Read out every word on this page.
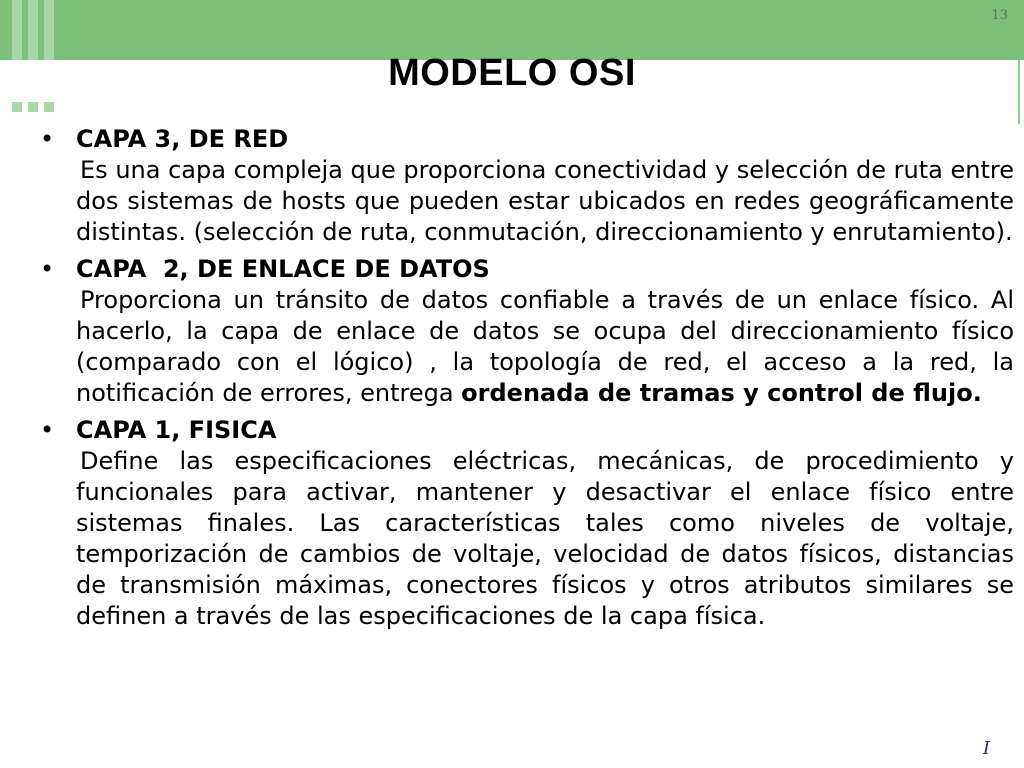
13
MODELO OSI
• CAPA 3, DE RED
Es una capa compleja que proporciona conectividad y selección de ruta entre dos sistemas de hosts que pueden estar ubicados en redes geográficamente distintas. (selección de ruta, conmutación, direccionamiento y enrutamiento).
• CAPA  2, DE ENLACE DE DATOS
Proporciona un tránsito de datos confiable a través de un enlace físico. Al hacerlo, la capa de enlace de datos se ocupa del direccionamiento físico (comparado con el lógico) , la topología de red, el acceso a la red, la notificación de errores, entrega ordenada de tramas y control de flujo.
• CAPA 1, FISICA
Define las especificaciones eléctricas, mecánicas, de procedimiento y funcionales para activar, mantener y desactivar el enlace físico entre sistemas finales. Las características tales como niveles de voltaje, temporización de cambios de voltaje, velocidad de datos físicos, distancias de transmisión máximas, conectores físicos y otros atributos similares se definen a través de las especificaciones de la capa física.
I
